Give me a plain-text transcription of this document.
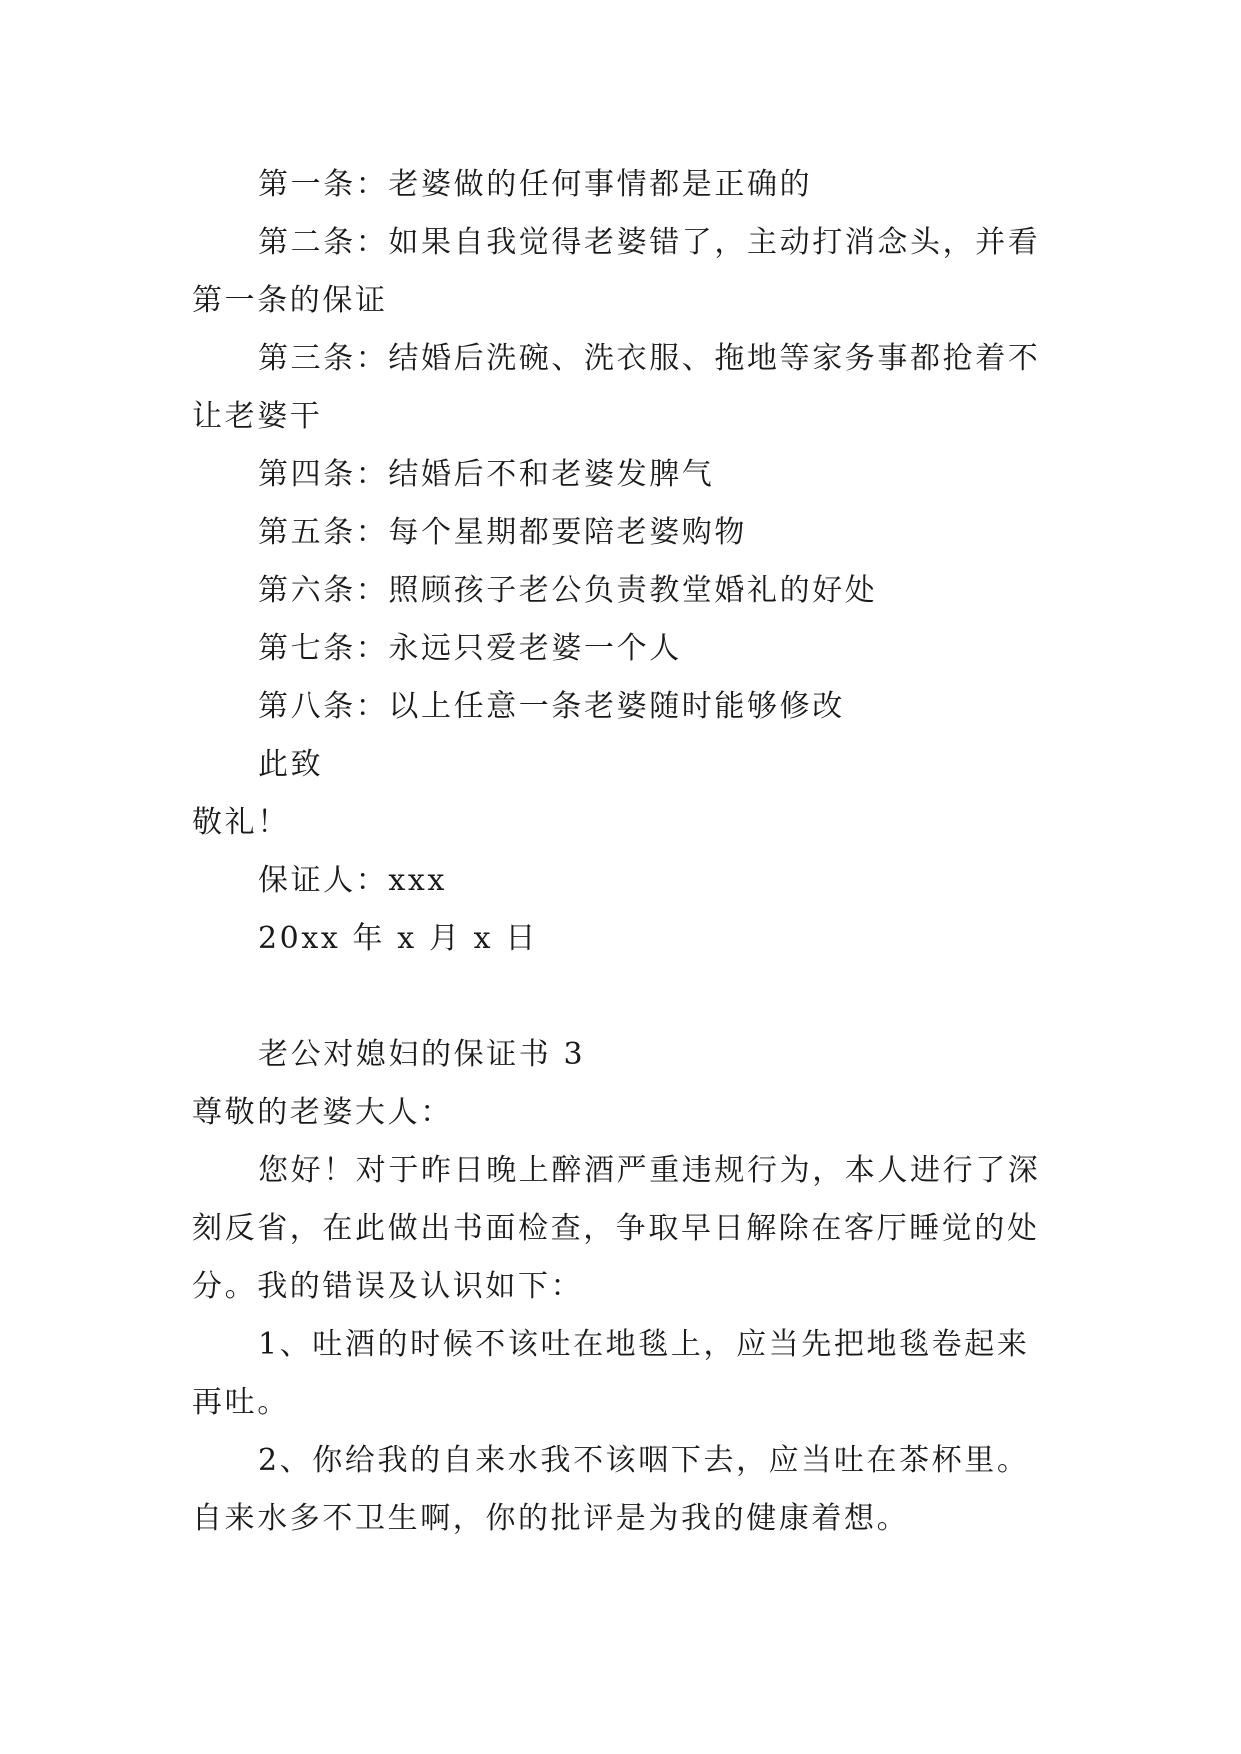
第一条：老婆做的任何事情都是正确的
第二条：如果自我觉得老婆错了，主动打消念头，并看
第一条的保证
第三条：结婚后洗碗、洗衣服、拖地等家务事都抢着不
让老婆干
第四条：结婚后不和老婆发脾气
第五条：每个星期都要陪老婆购物
第六条：照顾孩子老公负责教堂婚礼的好处
第七条：永远只爱老婆一个人
第八条：以上任意一条老婆随时能够修改
此致
敬礼！
保证人：xxx
20xx 年 x 月 x 日
老公对媳妇的保证书 3
尊敬的老婆大人：
您好！对于昨日晚上醉酒严重违规行为，本人进行了深
刻反省，在此做出书面检查，争取早日解除在客厅睡觉的处
分。我的错误及认识如下：
1、吐酒的时候不该吐在地毯上，应当先把地毯卷起来
再吐。
2、你给我的自来水我不该咽下去，应当吐在茶杯里。
自来水多不卫生啊，你的批评是为我的健康着想。
